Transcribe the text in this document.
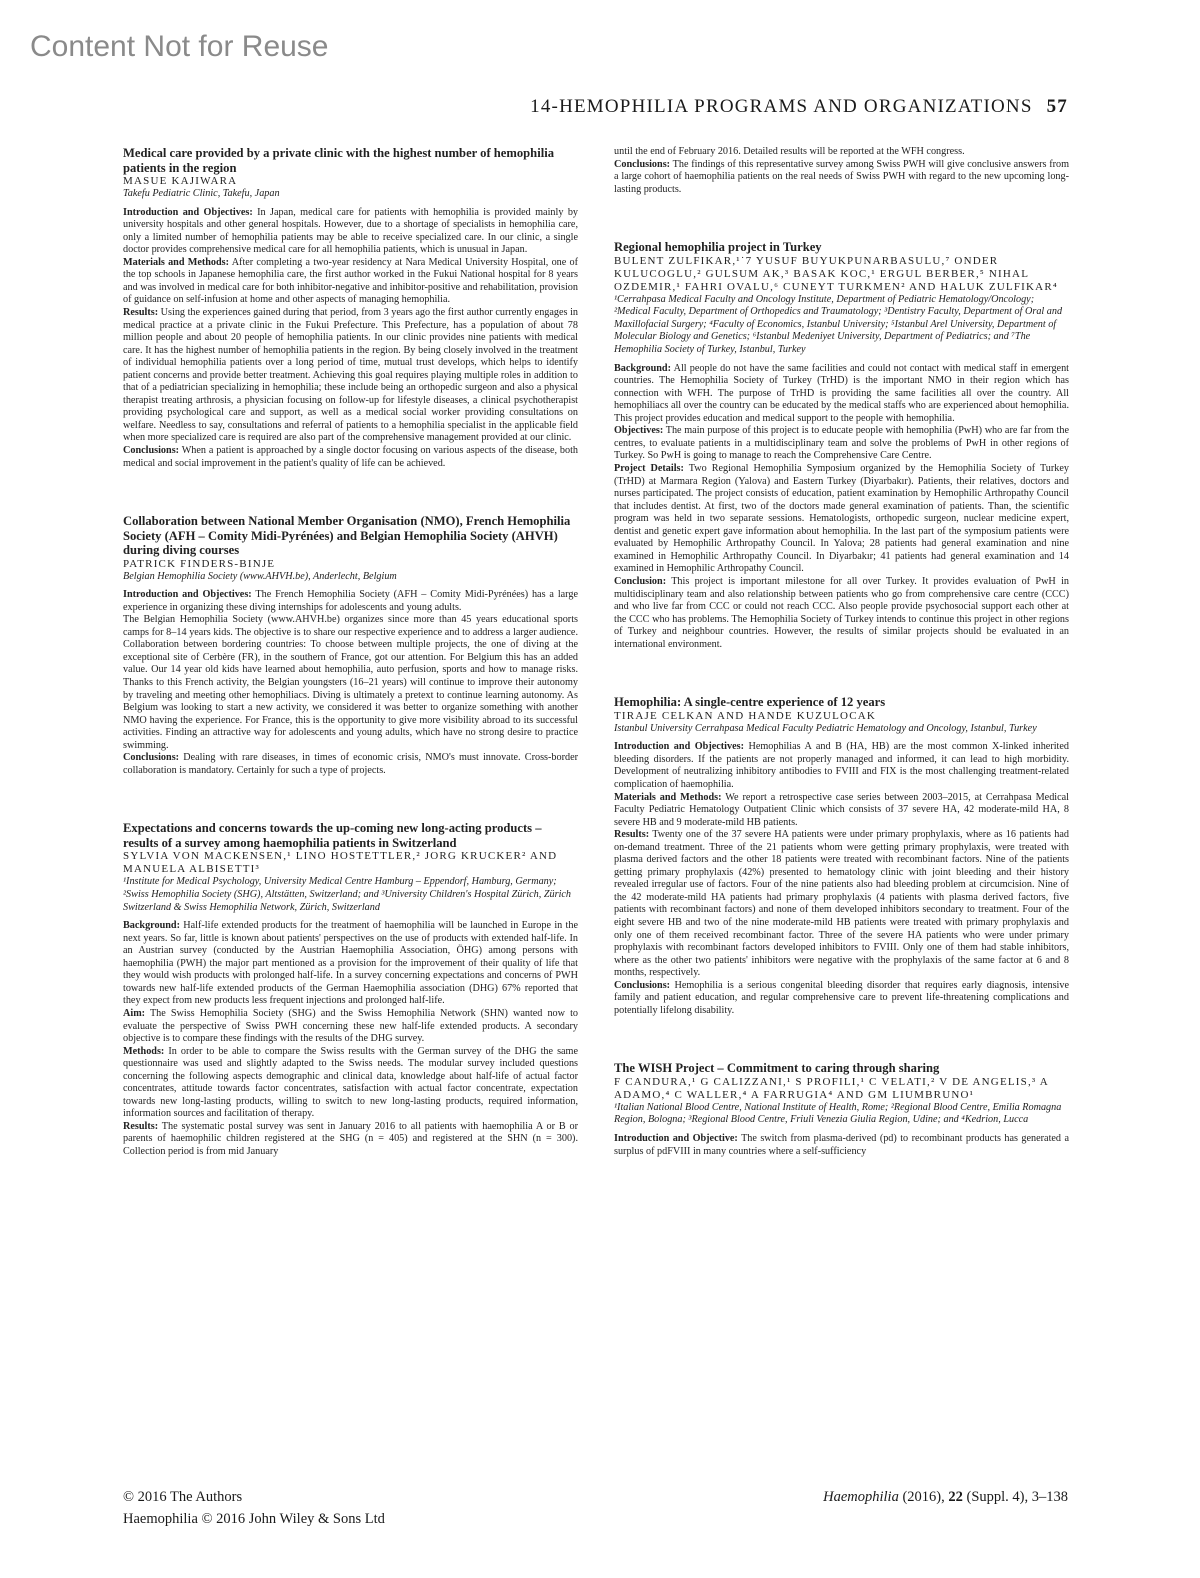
Content Not for Reuse
14-HEMOPHILIA PROGRAMS AND ORGANIZATIONS 57

Medical care provided by a private clinic with the highest number of hemophilia patients in the region

MASUE KAJIWARA

Takefu Pediatric Clinic, Takefu, Japan

Introduction and Objectives: In Japan, medical care for patients with hemophilia is provided mainly by university hospitals and other general hospitals. However, due to a shortage of specialists in hemophilia care, only a limited number of hemophilia patients may be able to receive specialized care. In our clinic, a single doctor provides comprehensive medical care for all hemophilia patients, which is unusual in Japan.

Materials and Methods: After completing a two-year residency at Nara Medical University Hospital, one of the top schools in Japanese hemophilia care, the first author worked in the Fukui National hospital for 8 years and was involved in medical care for both inhibitor-negative and inhibitor-positive and rehabilitation, provision of guidance on self-infusion at home and other aspects of managing hemophilia.

Results: Using the experiences gained during that period, from 3 years ago the first author currently engages in medical practice at a private clinic in the Fukui Prefecture. This Prefecture, has a population of about 78 million people and about 20 people of hemophilia patients. In our clinic provides nine patients with medical care. It has the highest number of hemophilia patients in the region. By being closely involved in the treatment of individual hemophilia patients over a long period of time, mutual trust develops, which helps to identify patient concerns and provide better treatment. Achieving this goal requires playing multiple roles in addition to that of a pediatrician specializing in hemophilia; these include being an orthopedic surgeon and also a physical therapist treating arthrosis, a physician focusing on follow-up for lifestyle diseases, a clinical psychotherapist providing psychological care and support, as well as a medical social worker providing consultations on welfare. Needless to say, consultations and referral of patients to a hemophilia specialist in the applicable field when more specialized care is required are also part of the comprehensive management provided at our clinic.

Conclusions: When a patient is approached by a single doctor focusing on various aspects of the disease, both medical and social improvement in the patient's quality of life can be achieved.

Collaboration between National Member Organisation (NMO), French Hemophilia Society (AFH – Comity Midi-Pyrénées) and Belgian Hemophilia Society (AHVH) during diving courses

PATRICK FINDERS-BINJE

Belgian Hemophilia Society (www.AHVH.be), Anderlecht, Belgium

Introduction and Objectives: The French Hemophilia Society (AFH – Comity Midi-Pyrénées) has a large experience in organizing these diving internships for adolescents and young adults.

The Belgian Hemophilia Society (www.AHVH.be) organizes since more than 45 years educational sports camps for 8–14 years kids. The objective is to share our respective experience and to address a larger audience. Collaboration between bordering countries: To choose between multiple projects, the one of diving at the exceptional site of Cerbère (FR), in the southern of France, got our attention. For Belgium this has an added value. Our 14 year old kids have learned about hemophilia, auto perfusion, sports and how to manage risks. Thanks to this French activity, the Belgian youngsters (16–21 years) will continue to improve their autonomy by traveling and meeting other hemophiliacs. Diving is ultimately a pretext to continue learning autonomy. As Belgium was looking to start a new activity, we considered it was better to organize something with another NMO having the experience. For France, this is the opportunity to give more visibility abroad to its successful activities. Finding an attractive way for adolescents and young adults, which have no strong desire to practice swimming.

Conclusions: Dealing with rare diseases, in times of economic crisis, NMO's must innovate. Cross-border collaboration is mandatory. Certainly for such a type of projects.

Expectations and concerns towards the up-coming new long-acting products – results of a survey among haemophilia patients in Switzerland

SYLVIA VON MACKENSEN,¹ LINO HOSTETTLER,² JORG KRUCKER² AND MANUELA ALBISETTI³

¹Institute for Medical Psychology, University Medical Centre Hamburg – Eppendorf, Hamburg, Germany; ²Swiss Hemophilia Society (SHG), Altstätten, Switzerland; and ³University Children's Hospital Zürich, Zürich Switzerland & Swiss Hemophilia Network, Zürich, Switzerland

Background: Half-life extended products for the treatment of haemophilia will be launched in Europe in the next years. So far, little is known about patients' perspectives on the use of products with extended half-life. In an Austrian survey (conducted by the Austrian Haemophilia Association, ÖHG) among persons with haemophilia (PWH) the major part mentioned as a provision for the improvement of their quality of life that they would wish products with prolonged half-life. In a survey concerning expectations and concerns of PWH towards new half-life extended products of the German Haemophilia association (DHG) 67% reported that they expect from new products less frequent injections and prolonged half-life.

Aim: The Swiss Hemophilia Society (SHG) and the Swiss Hemophilia Network (SHN) wanted now to evaluate the perspective of Swiss PWH concerning these new half-life extended products. A secondary objective is to compare these findings with the results of the DHG survey.

Methods: In order to be able to compare the Swiss results with the German survey of the DHG the same questionnaire was used and slightly adapted to the Swiss needs. The modular survey included questions concerning the following aspects demographic and clinical data, knowledge about half-life of actual factor concentrates, attitude towards factor concentrates, satisfaction with actual factor concentrate, expectation towards new long-lasting products, willing to switch to new long-lasting products, required information, information sources and facilitation of therapy.

Results: The systematic postal survey was sent in January 2016 to all patients with haemophilia A or B or parents of haemophilic children registered at the SHG (n = 405) and registered at the SHN (n = 300). Collection period is from mid January

until the end of February 2016. Detailed results will be reported at the WFH congress.

Conclusions: The findings of this representative survey among Swiss PWH will give conclusive answers from a large cohort of haemophilia patients on the real needs of Swiss PWH with regard to the new upcoming long-lasting products.

Regional hemophilia project in Turkey

BULENT ZULFIKAR,¹˙7 YUSUF BUYUKPUNARBASULU,⁷ ONDER KULUCOGLU,² GULSUM AK,³ BASAK KOC,¹ ERGUL BERBER,⁵ NIHAL OZDEMIR,¹ FAHRI OVALU,⁶ CUNEYT TURKMEN² AND HALUK ZULFIKAR⁴

¹Cerrahpasa Medical Faculty and Oncology Institute, Department of Pediatric Hematology/Oncology; ²Medical Faculty, Department of Orthopedics and Traumatology; ³Dentistry Faculty, Department of Oral and Maxillofacial Surgery; ⁴Faculty of Economics, Istanbul University; ⁵Istanbul Arel University, Department of Molecular Biology and Genetics; ⁶Istanbul Medeniyet University, Department of Pediatrics; and ⁷The Hemophilia Society of Turkey, Istanbul, Turkey

Background: All people do not have the same facilities and could not contact with medical staff in emergent countries. The Hemophilia Society of Turkey (TrHD) is the important NMO in their region which has connection with WFH. The purpose of TrHD is providing the same facilities all over the country. All hemophiliacs all over the country can be educated by the medical staffs who are experienced about hemophilia. This project provides education and medical support to the people with hemophilia.

Objectives: The main purpose of this project is to educate people with hemophilia (PwH) who are far from the centres, to evaluate patients in a multidisciplinary team and solve the problems of PwH in other regions of Turkey. So PwH is going to manage to reach the Comprehensive Care Centre.

Project Details: Two Regional Hemophilia Symposium organized by the Hemophilia Society of Turkey (TrHD) at Marmara Region (Yalova) and Eastern Turkey (Diyarbakır). Patients, their relatives, doctors and nurses participated. The project consists of education, patient examination by Hemophilic Arthropathy Council that includes dentist. At first, two of the doctors made general examination of patients. Than, the scientific program was held in two separate sessions. Hematologists, orthopedic surgeon, nuclear medicine expert, dentist and genetic expert gave information about hemophilia. In the last part of the symposium patients were evaluated by Hemophilic Arthropathy Council. In Yalova; 28 patients had general examination and nine examined in Hemophilic Arthropathy Council. In Diyarbakır; 41 patients had general examination and 14 examined in Hemophilic Arthropathy Council.

Conclusion: This project is important milestone for all over Turkey. It provides evaluation of PwH in multidisciplinary team and also relationship between patients who go from comprehensive care centre (CCC) and who live far from CCC or could not reach CCC. Also people provide psychosocial support each other at the CCC who has problems. The Hemophilia Society of Turkey intends to continue this project in other regions of Turkey and neighbour countries. However, the results of similar projects should be evaluated in an international environment.

Hemophilia: A single-centre experience of 12 years

TIRAJE CELKAN AND HANDE KUZULOCAK

Istanbul University Cerrahpasa Medical Faculty Pediatric Hematology and Oncology, Istanbul, Turkey

Introduction and Objectives: Hemophilias A and B (HA, HB) are the most common X-linked inherited bleeding disorders. If the patients are not properly managed and informed, it can lead to high morbidity. Development of neutralizing inhibitory antibodies to FVIII and FIX is the most challenging treatment-related complication of haemophilia.

Materials and Methods: We report a retrospective case series between 2003–2015, at Cerrahpasa Medical Faculty Pediatric Hematology Outpatient Clinic which consists of 37 severe HA, 42 moderate-mild HA, 8 severe HB and 9 moderate-mild HB patients.

Results: Twenty one of the 37 severe HA patients were under primary prophylaxis, where as 16 patients had on-demand treatment. Three of the 21 patients whom were getting primary prophylaxis, were treated with plasma derived factors and the other 18 patients were treated with recombinant factors. Nine of the patients getting primary prophylaxis (42%) presented to hematology clinic with joint bleeding and their history revealed irregular use of factors. Four of the nine patients also had bleeding problem at circumcision. Nine of the 42 moderate-mild HA patients had primary prophylaxis (4 patients with plasma derived factors, five patients with recombinant factors) and none of them developed inhibitors secondary to treatment. Four of the eight severe HB and two of the nine moderate-mild HB patients were treated with primary prophylaxis and only one of them received recombinant factor. Three of the severe HA patients who were under primary prophylaxis with recombinant factors developed inhibitors to FVIII. Only one of them had stable inhibitors, where as the other two patients' inhibitors were negative with the prophylaxis of the same factor at 6 and 8 months, respectively.

Conclusions: Hemophilia is a serious congenital bleeding disorder that requires early diagnosis, intensive family and patient education, and regular comprehensive care to prevent life-threatening complications and potentially lifelong disability.

The WISH Project – Commitment to caring through sharing

F CANDURA,¹ G CALIZZANI,¹ S PROFILI,¹ C VELATI,² V DE ANGELIS,³ A ADAMO,⁴ C WALLER,⁴ A FARRUGIA⁴ AND GM LIUMBRUNO¹

¹Italian National Blood Centre, National Institute of Health, Rome; ²Regional Blood Centre, Emilia Romagna Region, Bologna; ³Regional Blood Centre, Friuli Venezia Giulia Region, Udine; and ⁴Kedrion, Lucca

Introduction and Objective: The switch from plasma-derived (pd) to recombinant products has generated a surplus of pdFVIII in many countries where a self-sufficiency

© 2016 The Authors
Haemophilia © 2016 John Wiley & Sons Ltd
Haemophilia (2016), 22 (Suppl. 4), 3–138
